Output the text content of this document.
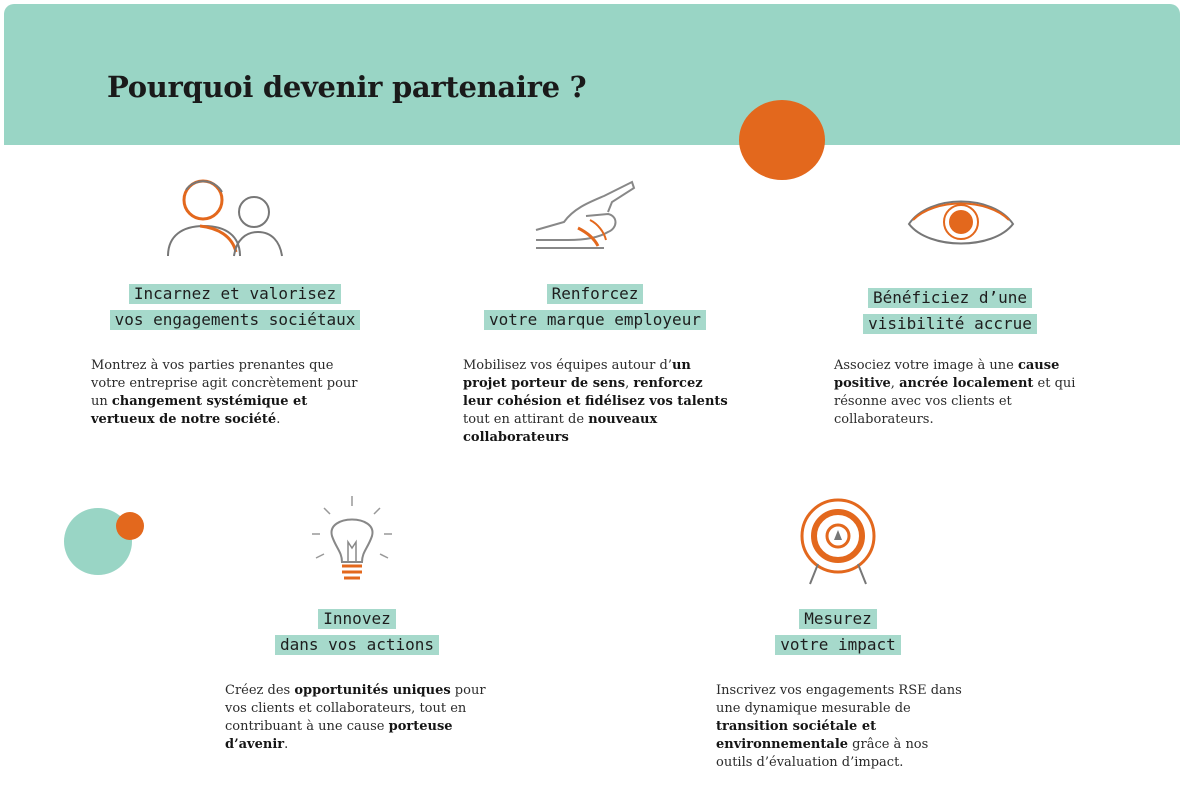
Pourquoi devenir partenaire ?
Incarnez et valorisez
vos engagements sociétaux

Montrez à vos parties prenantes que votre entreprise agit concrètement pour un changement systémique et vertueux de notre société.

Renforcez
votre marque employeur

Mobilisez vos équipes autour d’un projet porteur de sens, renforcez leur cohésion et fidélisez vos talents tout en attirant de nouveaux collaborateurs

Bénéficiez d’une
visibilité accrue

Associez votre image à une cause positive, ancrée localement et qui résonne avec vos clients et collaborateurs.

Innovez
dans vos actions

Créez des opportunités uniques pour vos clients et collaborateurs, tout en contribuant à une cause porteuse d’avenir.

Mesurez
votre impact

Inscrivez vos engagements RSE dans une dynamique mesurable de transition sociétale et environnementale grâce à nos outils d’évaluation d’impact.
